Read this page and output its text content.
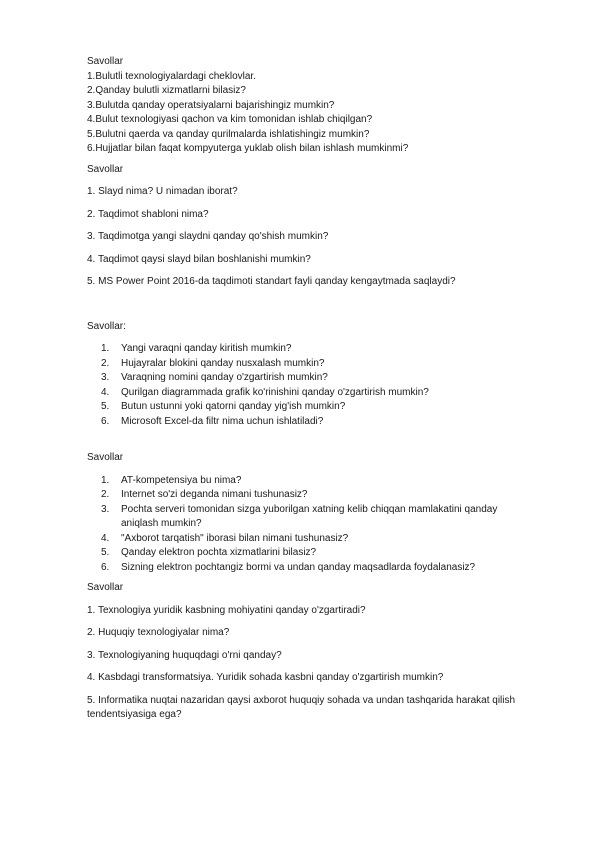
Savollar
1.Bulutli texnologiyalardagi cheklovlar.
2.Qanday bulutli xizmatlarni bilasiz?
3.Bulutda qanday operatsiyalarni bajarishingiz mumkin?
4.Bulut texnologiyasi qachon va kim tomonidan ishlab chiqilgan?
5.Bulutni qaerda va qanday qurilmalarda ishlatishingiz mumkin?
6.Hujjatlar bilan faqat kompyuterga yuklab olish bilan ishlash mumkinmi?
Savollar
1. Slayd nima? U nimadan iborat?
2. Taqdimot shabloni nima?
3. Taqdimotga yangi slaydni qanday qo'shish mumkin?
4. Taqdimot qaysi slayd bilan boshlanishi mumkin?
5. MS Power Point 2016-da taqdimoti standart fayli qanday kengaytmada saqlaydi?
Savollar:
1. Yangi varaqni qanday kiritish mumkin?
2. Hujayralar blokini qanday nusxalash mumkin?
3. Varaqning nomini qanday o'zgartirish mumkin?
4. Qurilgan diagrammada grafik ko'rinishini qanday o'zgartirish mumkin?
5. Butun ustunni yoki qatorni qanday yig'ish mumkin?
6. Microsoft Excel-da filtr nima uchun ishlatiladi?
Savollar
1. AT-kompetensiya bu nima?
2. Internet so'zi deganda nimani tushunasiz?
3. Pochta serveri tomonidan sizga yuborilgan xatning kelib chiqqan mamlakatini qanday aniqlash mumkin?
4. "Axborot tarqatish" iborasi bilan nimani tushunasiz?
5. Qanday elektron pochta xizmatlarini bilasiz?
6. Sizning elektron pochtangiz bormi va undan qanday maqsadlarda foydalanasiz?
Savollar
1. Texnologiya yuridik kasbning mohiyatini qanday o'zgartiradi?
2. Huquqiy texnologiyalar nima?
3. Texnologiyaning huquqdagi o'rni qanday?
4. Kasbdagi transformatsiya. Yuridik sohada kasbni qanday o'zgartirish mumkin?
5. Informatika nuqtai nazaridan qaysi axborot huquqiy sohada va undan tashqarida harakat qilish tendentsiyasiga ega?
